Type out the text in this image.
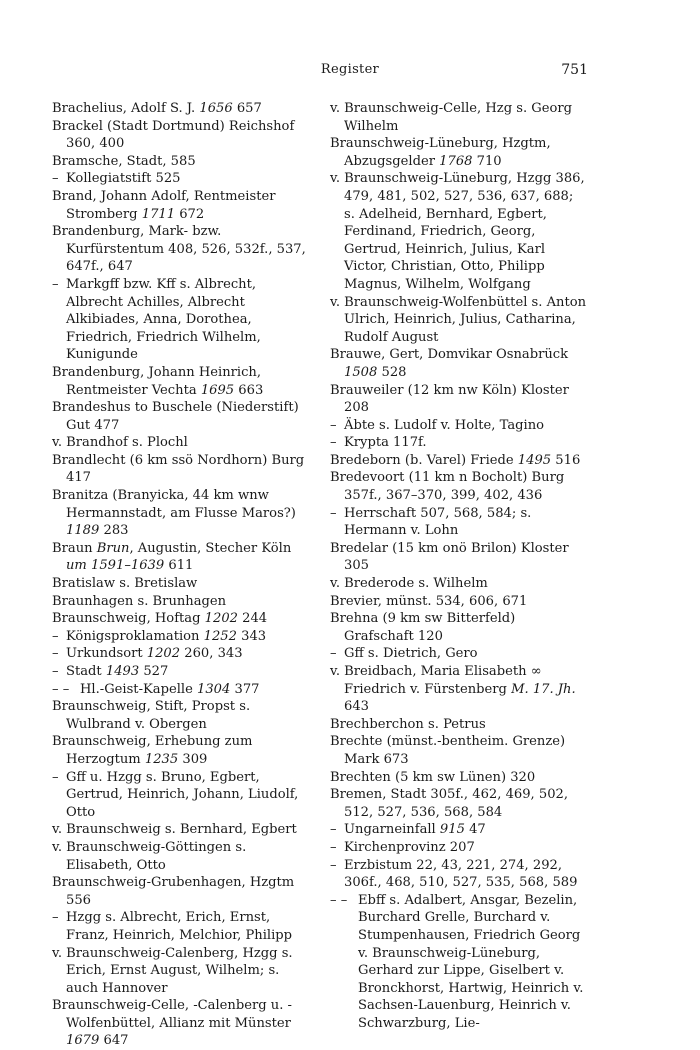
Register	751

Brachelius, Adolf S. J. 1656 657

Brackel (Stadt Dortmund) Reichshof 360, 400

Bramsche, Stadt, 585

– Kollegiatstift 525

Brand, Johann Adolf, Rentmeister Stromberg 1711 672

Brandenburg, Mark- bzw. Kurfürstentum 408, 526, 532f., 537, 647f., 647

– Markgff bzw. Kff s. Albrecht, Albrecht Achilles, Albrecht Alkibiades, Anna, Dorothea, Friedrich, Friedrich Wilhelm, Kunigunde

Brandenburg, Johann Heinrich, Rentmeister Vechta 1695 663

Brandeshus to Buschele (Niederstift) Gut 477

v. Brandhof s. Plochl

Brandlecht (6 km ssö Nordhorn) Burg 417

Branitza (Branyicka, 44 km wnw Hermannstadt, am Flusse Maros?) 1189 283

Braun Brun, Augustin, Stecher Köln um 1591–1639 611

Bratislaw s. Bretislaw

Braunhagen s. Brunhagen

Braunschweig, Hoftag 1202 244

– Königsproklamation 1252 343

– Urkundsort 1202 260, 343

– Stadt 1493 527

– – Hl.-Geist-Kapelle 1304 377

Braunschweig, Stift, Propst s. Wulbrand v. Obergen

Braunschweig, Erhebung zum Herzogtum 1235 309

– Gff u. Hzgg s. Bruno, Egbert, Gertrud, Heinrich, Johann, Liudolf, Otto

v. Braunschweig s. Bernhard, Egbert

v. Braunschweig-Göttingen s. Elisabeth, Otto

Braunschweig-Grubenhagen, Hzgtm 556

– Hzgg s. Albrecht, Erich, Ernst, Franz, Heinrich, Melchior, Philipp

v. Braunschweig-Calenberg, Hzgg s. Erich, Ernst August, Wilhelm; s. auch Hannover

Braunschweig-Celle, -Calenberg u. -Wolfenbüttel, Allianz mit Münster 1679 647

v. Braunschweig-Celle, Hzg s. Georg Wilhelm

Braunschweig-Lüneburg, Hzgtm, Abzugsgelder 1768 710

v. Braunschweig-Lüneburg, Hzgg 386, 479, 481, 502, 527, 536, 637, 688; s. Adelheid, Bernhard, Egbert, Ferdinand, Friedrich, Georg, Gertrud, Heinrich, Julius, Karl Victor, Christian, Otto, Philipp Magnus, Wilhelm, Wolfgang

v. Braunschweig-Wolfenbüttel s. Anton Ulrich, Heinrich, Julius, Catharina, Rudolf August

Brauwe, Gert, Domvikar Osnabrück 1508 528

Brauweiler (12 km nw Köln) Kloster 208

– Äbte s. Ludolf v. Holte, Tagino

– Krypta 117f.

Bredeborn (b. Varel) Friede 1495 516

Bredevoort (11 km n Bocholt) Burg 357f., 367–370, 399, 402, 436

– Herrschaft 507, 568, 584; s. Hermann v. Lohn

Bredelar (15 km onö Brilon) Kloster 305

v. Brederode s. Wilhelm

Brevier, münst. 534, 606, 671

Brehna (9 km sw Bitterfeld) Grafschaft 120

– Gff s. Dietrich, Gero

v. Breidbach, Maria Elisabeth ∞ Friedrich v. Fürstenberg M. 17. Jh. 643

Brechberchon s. Petrus

Brechte (münst.-bentheim. Grenze) Mark 673

Brechten (5 km sw Lünen) 320

Bremen, Stadt 305f., 462, 469, 502, 512, 527, 536, 568, 584

– Ungarneinfall 915 47

– Kirchenprovinz 207

– Erzbistum 22, 43, 221, 274, 292, 306f., 468, 510, 527, 535, 568, 589

– – Ebff s. Adalbert, Ansgar, Bezelin, Burchard Grelle, Burchard v. Stumpenhausen, Friedrich Georg v. Braunschweig-Lüneburg, Gerhard zur Lippe, Giselbert v. Bronckhorst, Hartwig, Heinrich v. Sachsen-Lauenburg, Heinrich v. Schwarzburg, Lie-
